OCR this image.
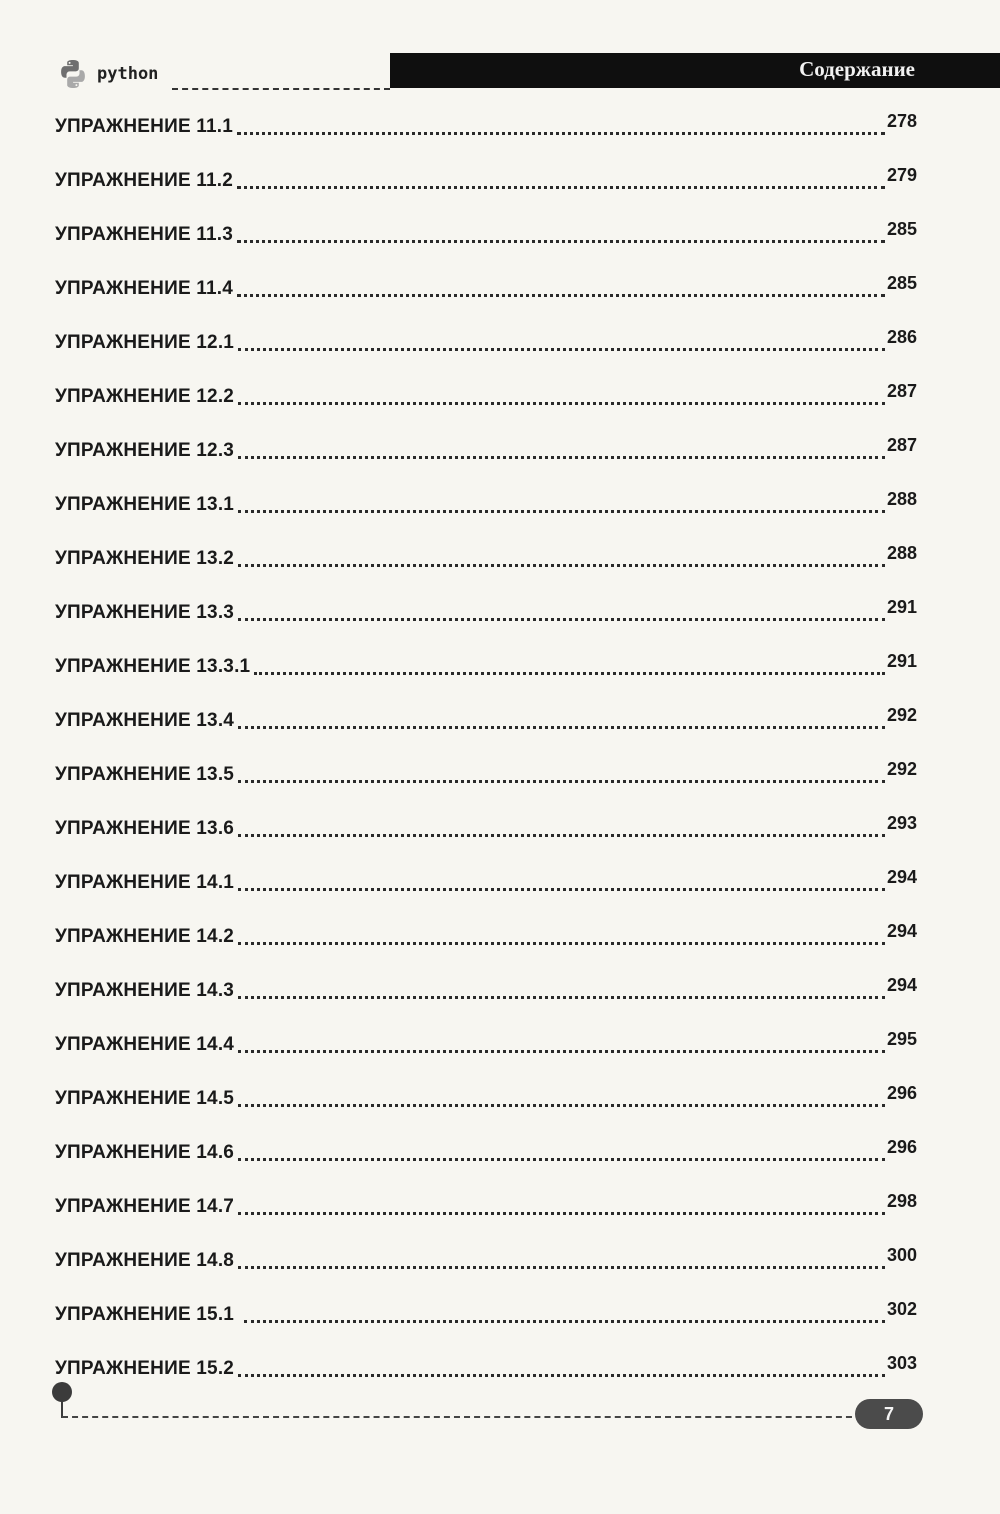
python	Содержание
УПРАЖНЕНИЕ 11.1	278
УПРАЖНЕНИЕ 11.2	279
УПРАЖНЕНИЕ 11.3	285
УПРАЖНЕНИЕ 11.4	285
УПРАЖНЕНИЕ 12.1	286
УПРАЖНЕНИЕ 12.2	287
УПРАЖНЕНИЕ 12.3	287
УПРАЖНЕНИЕ 13.1	288
УПРАЖНЕНИЕ 13.2	288
УПРАЖНЕНИЕ 13.3	291
УПРАЖНЕНИЕ 13.3.1	291
УПРАЖНЕНИЕ 13.4	292
УПРАЖНЕНИЕ 13.5	292
УПРАЖНЕНИЕ 13.6	293
УПРАЖНЕНИЕ 14.1	294
УПРАЖНЕНИЕ 14.2	294
УПРАЖНЕНИЕ 14.3	294
УПРАЖНЕНИЕ 14.4	295
УПРАЖНЕНИЕ 14.5	296
УПРАЖНЕНИЕ 14.6	296
УПРАЖНЕНИЕ 14.7	298
УПРАЖНЕНИЕ 14.8	300
УПРАЖНЕНИЕ 15.1	302
УПРАЖНЕНИЕ 15.2	303
7
